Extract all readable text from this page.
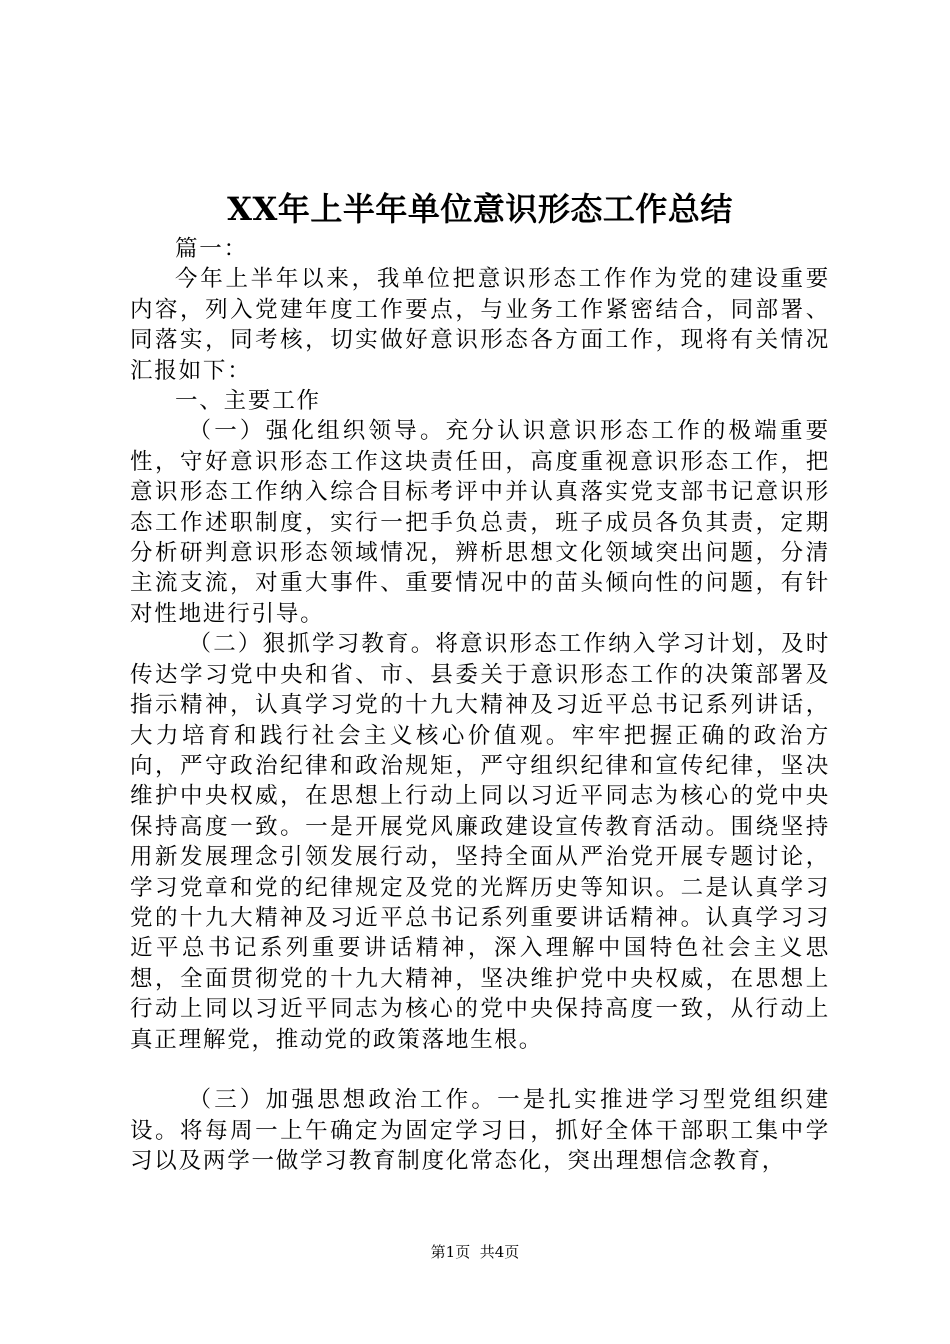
XX年上半年单位意识形态工作总结

篇一：

今年上半年以来，我单位把意识形态工作作为党的建设重要内容，列入党建年度工作要点，与业务工作紧密结合，同部署、同落实，同考核，切实做好意识形态各方面工作，现将有关情况汇报如下：

一、主要工作

（一）强化组织领导。充分认识意识形态工作的极端重要性，守好意识形态工作这块责任田，高度重视意识形态工作，把意识形态工作纳入综合目标考评中并认真落实党支部书记意识形态工作述职制度，实行一把手负总责，班子成员各负其责，定期分析研判意识形态领域情况，辨析思想文化领域突出问题，分清主流支流，对重大事件、重要情况中的苗头倾向性的问题，有针对性地进行引导。

（二）狠抓学习教育。将意识形态工作纳入学习计划，及时传达学习党中央和省、市、县委关于意识形态工作的决策部署及指示精神，认真学习党的十九大精神及习近平总书记系列讲话，大力培育和践行社会主义核心价值观。牢牢把握正确的政治方向，严守政治纪律和政治规矩，严守组织纪律和宣传纪律，坚决维护中央权威，在思想上行动上同以习近平同志为核心的党中央保持高度一致。一是开展党风廉政建设宣传教育活动。围绕坚持用新发展理念引领发展行动，坚持全面从严治党开展专题讨论，学习党章和党的纪律规定及党的光辉历史等知识。二是认真学习党的十九大精神及习近平总书记系列重要讲话精神。认真学习习近平总书记系列重要讲话精神，深入理解中国特色社会主义思想，全面贯彻党的十九大精神，坚决维护党中央权威，在思想上行动上同以习近平同志为核心的党中央保持高度一致，从行动上真正理解党，推动党的政策落地生根。

（三）加强思想政治工作。一是扎实推进学习型党组织建设。将每周一上午确定为固定学习日，抓好全体干部职工集中学习以及两学一做学习教育制度化常态化，突出理想信念教育，

第1页 共4页
